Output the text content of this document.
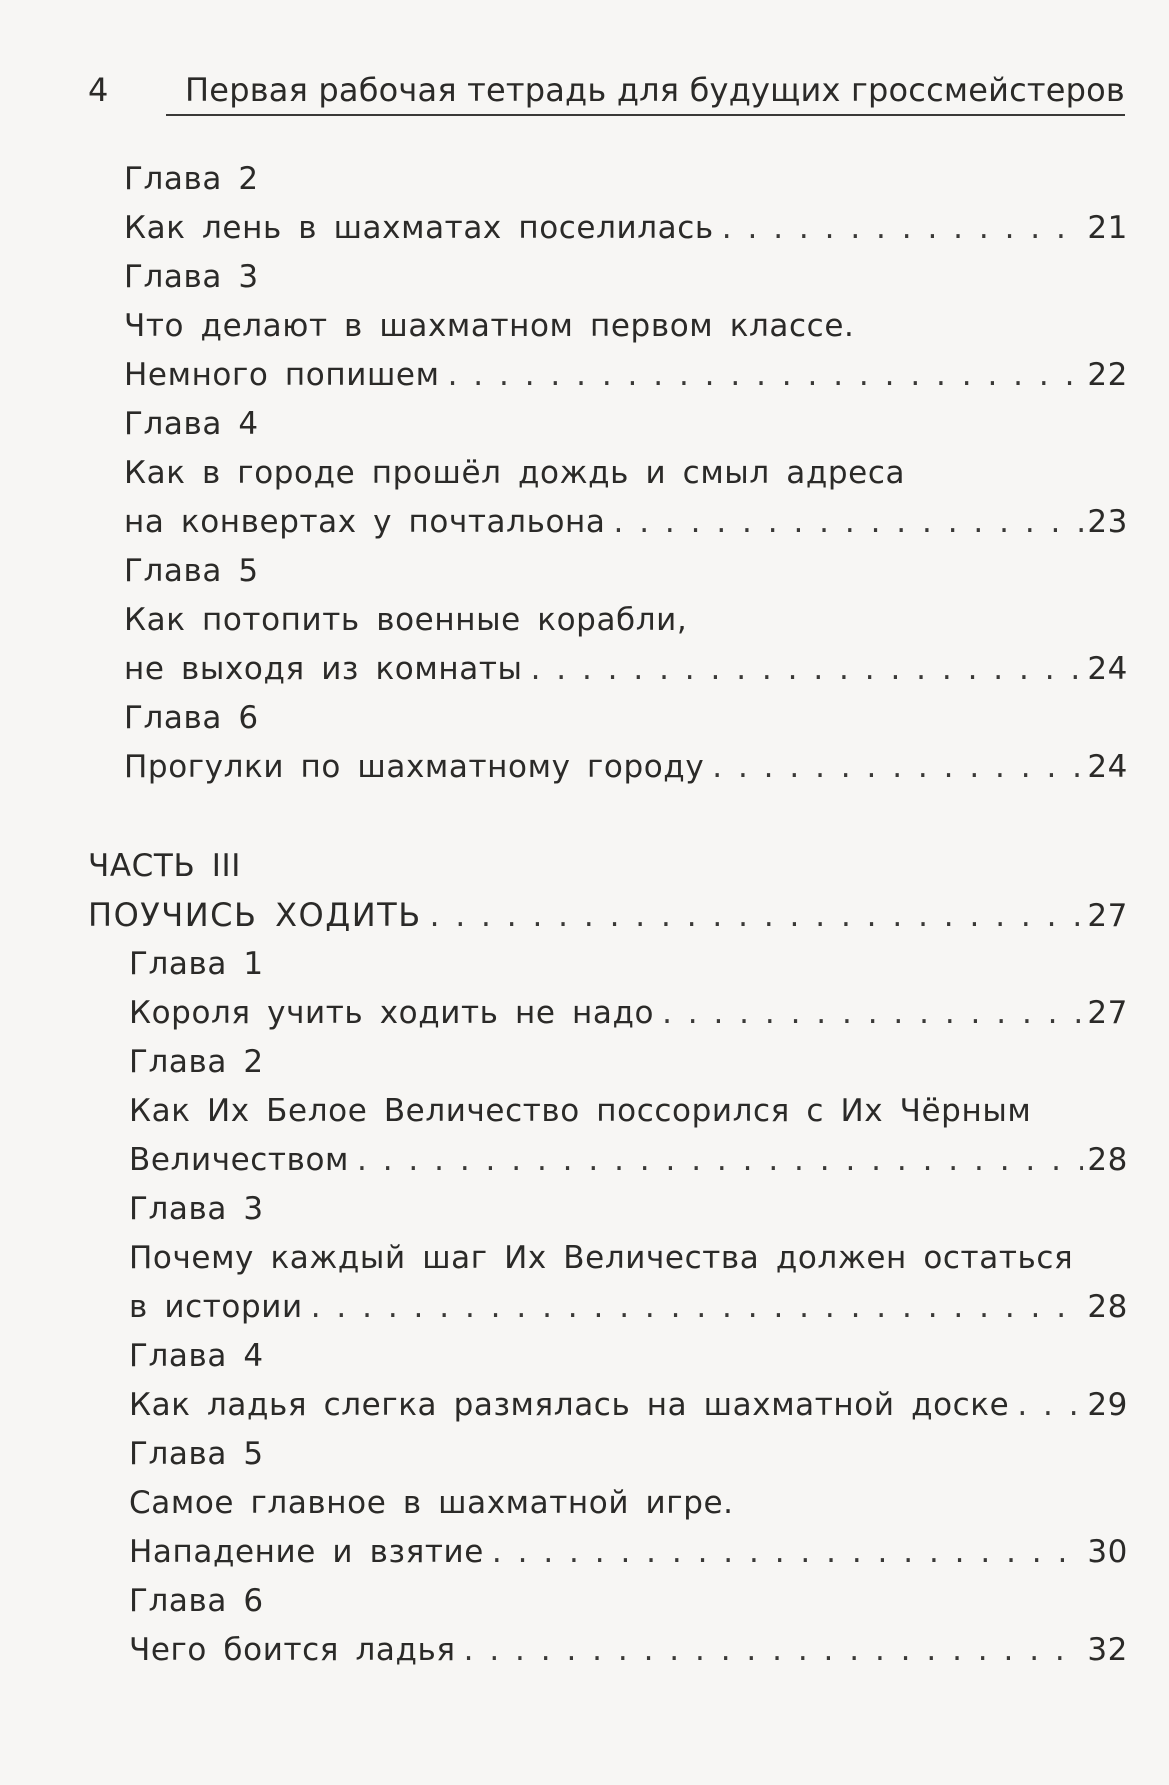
4 Первая рабочая тетрадь для будущих гроссмейстеров
Глава 2
Как лень в шахматах поселилась . . .	21
Глава 3
Что делают в шахматном первом классе.
Немного попишем . . .	22
Глава 4
Как в городе прошёл дождь и смыл адреса
на конвертах у почтальона . . .	23
Глава 5
Как потопить военные корабли,
не выходя из комнаты . . .	24
Глава 6
Прогулки по шахматному городу . . .	24
ЧАСТЬ III
ПОУЧИСЬ ХОДИТЬ . . .	27
Глава 1
Короля учить ходить не надо . . .	27
Глава 2
Как Их Белое Величество поссорился с Их Чёрным
Величеством . . .	28
Глава 3
Почему каждый шаг Их Величества должен остаться
в истории . . .	28
Глава 4
Как ладья слегка размялась на шахматной доске . . .	29
Глава 5
Самое главное в шахматной игре.
Нападение и взятие . . .	30
Глава 6
Чего боится ладья . . .	32
